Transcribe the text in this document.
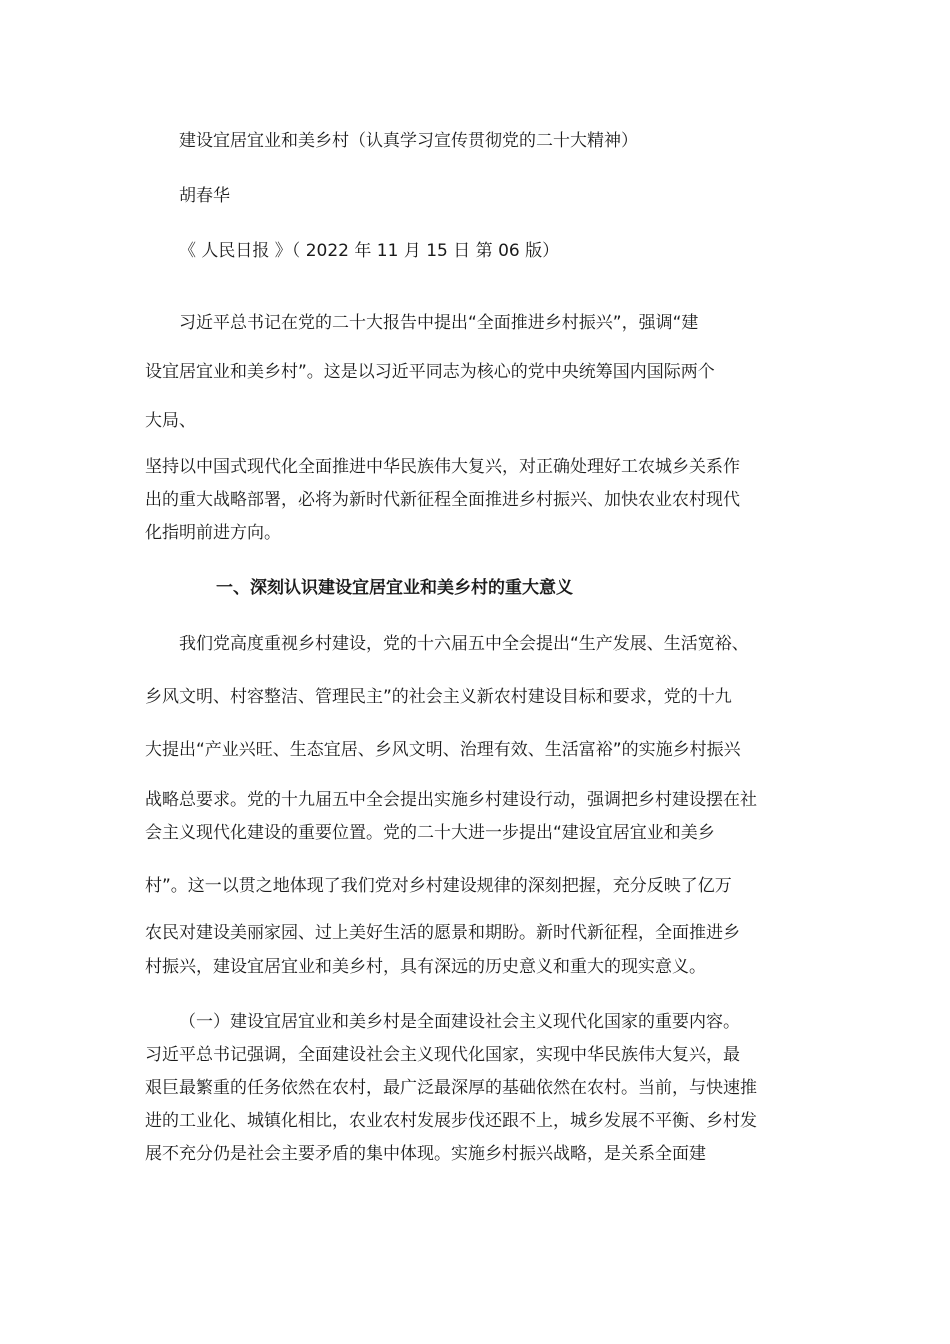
建设宜居宜业和美乡村（认真学习宣传贯彻党的二十大精神）

胡春华

《 人民日报 》（ 2022 年 11 月 15 日 第 06 版）

习近平总书记在党的二十大报告中提出“全面推进乡村振兴”，强调“建

设宜居宜业和美乡村”。这是以习近平同志为核心的党中央统筹国内国际两个

大局、

坚持以中国式现代化全面推进中华民族伟大复兴，对正确处理好工农城乡关系作

出的重大战略部署，必将为新时代新征程全面推进乡村振兴、加快农业农村现代

化指明前进方向。

一、深刻认识建设宜居宜业和美乡村的重大意义

我们党高度重视乡村建设，党的十六届五中全会提出“生产发展、生活宽裕、

乡风文明、村容整洁、管理民主”的社会主义新农村建设目标和要求，党的十九

大提出“产业兴旺、生态宜居、乡风文明、治理有效、生活富裕”的实施乡村振兴

战略总要求。党的十九届五中全会提出实施乡村建设行动，强调把乡村建设摆在社

会主义现代化建设的重要位置。党的二十大进一步提出“建设宜居宜业和美乡

村”。这一以贯之地体现了我们党对乡村建设规律的深刻把握，充分反映了亿万

农民对建设美丽家园、过上美好生活的愿景和期盼。新时代新征程，全面推进乡

村振兴，建设宜居宜业和美乡村，具有深远的历史意义和重大的现实意义。

（一）建设宜居宜业和美乡村是全面建设社会主义现代化国家的重要内容。

习近平总书记强调，全面建设社会主义现代化国家，实现中华民族伟大复兴，最

艰巨最繁重的任务依然在农村，最广泛最深厚的基础依然在农村。当前，与快速推

进的工业化、城镇化相比，农业农村发展步伐还跟不上，城乡发展不平衡、乡村发

展不充分仍是社会主要矛盾的集中体现。实施乡村振兴战略，是关系全面建
